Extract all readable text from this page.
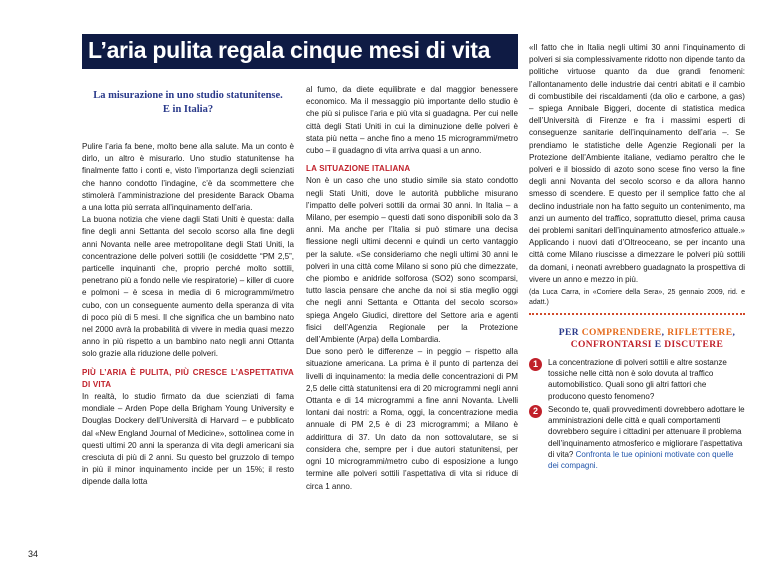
L’aria pulita regala cinque mesi di vita
La misurazione in uno studio statunitense.
E in Italia?

Pulire l’aria fa bene, molto bene alla salute. Ma un conto è dirlo, un altro è misurarlo. Uno studio statunitense ha finalmente fatto i conti e, visto l’importanza degli scienziati che hanno condotto l’indagine, c’è da scommettere che stimolerà l’amministrazione del presidente Barack Obama a una lotta più serrata all’inquinamento dell’aria.

La buona notizia che viene dagli Stati Uniti è questa: dalla fine degli anni Settanta del secolo scorso alla fine degli anni Novanta nelle aree metropolitane degli Stati Uniti, la concentrazione delle polveri sottili (le cosiddette “PM 2,5”, particelle inquinanti che, proprio perché molto sottili, penetrano più a fondo nelle vie respiratorie) – killer di cuore e polmoni – è scesa in media di 6 microgrammi/metro cubo, con un conseguente aumento della speranza di vita di poco più di 5 mesi. Il che significa che un bambino nato nel 2000 avrà la probabilità di vivere in media quasi mezzo anno in più rispetto a un bambino nato negli anni Ottanta solo grazie alla riduzione delle polveri.

PIÙ L’ARIA È PULITA, PIÙ CRESCE L’ASPETTATIVA DI VITA

In realtà, lo studio firmato da due scienziati di fama mondiale – Arden Pope della Brigham Young University e Douglas Dockery dell’Università di Harvard – e pubblicato dal «New England Journal of Medicine», sottolinea come in questi ultimi 20 anni la speranza di vita degli americani sia cresciuta di più di 2 anni. Su questo bel gruzzolo di tempo in più il minor inquinamento incide per un 15%; il resto dipende dalla lotta

al fumo, da diete equilibrate e dal maggior benessere economico. Ma il messaggio più importante dello studio è che più si pulisce l’aria e più vita si guadagna. Per cui nelle città degli Stati Uniti in cui la diminuzione delle polveri è stata più netta – anche fino a meno 15 microgrammi/metro cubo – il guadagno di vita arriva quasi a un anno.

LA SITUAZIONE ITALIANA

Non è un caso che uno studio simile sia stato condotto negli Stati Uniti, dove le autorità pubbliche misurano l’impatto delle polveri sottili da ormai 30 anni. In Italia – a Milano, per esempio – questi dati sono disponibili solo da 3 anni. Ma anche per l’Italia si può stimare una decisa flessione negli ultimi decenni e quindi un certo vantaggio per la salute. «Se consideriamo che negli ultimi 30 anni le polveri in una città come Milano si sono più che dimezzate, che piombo e anidride solforosa (SO2) sono scomparsi, tutto lascia pensare che anche da noi si stia meglio oggi che negli anni Settanta e Ottanta del secolo scorso» spiega Angelo Giudici, direttore del Settore aria e agenti fisici dell’Agenzia Regionale per la Protezione dell’Ambiente (Arpa) della Lombardia.

Due sono però le differenze – in peggio – rispetto alla situazione americana. La prima è il punto di partenza dei livelli di inquinamento: la media delle concentrazioni di PM 2,5 delle città statunitensi era di 20 microgrammi negli anni Ottanta e di 14 microgrammi a fine anni Novanta. Livelli lontani dai nostri: a Roma, oggi, la concentrazione media annuale di PM 2,5 è di 23 microgrammi; a Milano è addirittura di 37. Un dato da non sottovalutare, se si considera che, sempre per i due autori statunitensi, per ogni 10 microgrammi/metro cubo di esposizione a lungo termine alle polveri sottili l’aspettativa di vita si riduce di circa 1 anno.

«Il fatto che in Italia negli ultimi 30 anni l’inquinamento di polveri si sia complessivamente ridotto non dipende tanto da politiche virtuose quanto da due grandi fenomeni: l’allontanamento delle industrie dai centri abitati e il cambio di combustibile dei riscaldamenti (da olio e carbone, a gas) – spiega Annibale Biggeri, docente di statistica medica dell’Università di Firenze e fra i massimi esperti di conseguenze sanitarie dell’inquinamento dell’aria –. Se prendiamo le statistiche delle Agenzie Regionali per la Protezione dell’Ambiente italiane, vediamo peraltro che le polveri e il biossido di azoto sono scese fino verso la fine degli anni Novanta del secolo scorso e da allora hanno smesso di scendere. E questo per il semplice fatto che al declino industriale non ha fatto seguito un contenimento, ma anzi un aumento del traffico, soprattutto diesel, prima causa dei problemi sanitari dell’inquinamento atmosferico attuale.» Applicando i nuovi dati d’Oltreoceano, se per incanto una città come Milano riuscisse a dimezzare le polveri più sottili da domani, i neonati avrebbero guadagnato la prospettiva di vivere un anno e mezzo in più.

(da Luca Carra, in «Corriere della Sera», 25 gennaio 2009, rid. e adatt.)

PER COMPRENDERE, RIFLETTERE,
CONFRONTARSI E DISCUTERE
1	La concentrazione di polveri sottili e altre sostanze tossiche nelle città non è solo dovuta al traffico automobilistico. Quali sono gli altri fattori che producono questo fenomeno?
2	Secondo te, quali provvedimenti dovrebbero adottare le amministrazioni delle città e quali comportamenti dovrebbero seguire i cittadini per attenuare il problema dell’inquinamento atmosferico e migliorare l’aspettativa di vita? Confronta le tue opinioni motivate con quelle dei compagni.
34
